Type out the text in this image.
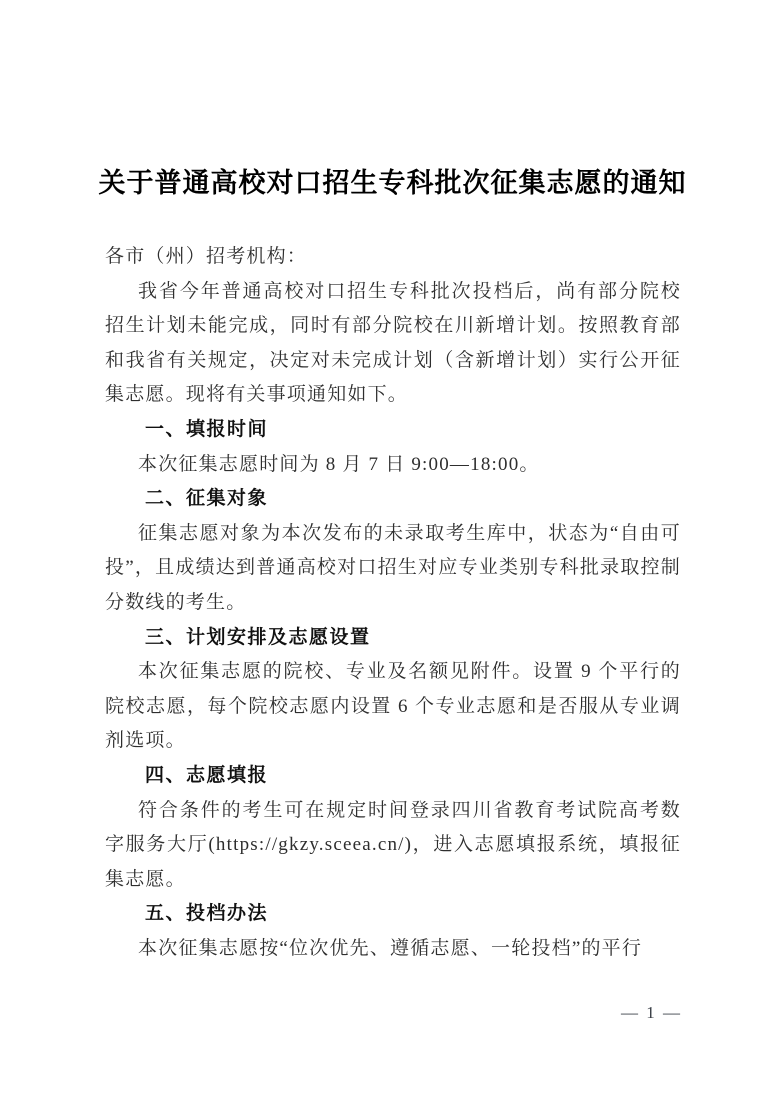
关于普通高校对口招生专科批次征集志愿的通知

各市（州）招考机构：

我省今年普通高校对口招生专科批次投档后，尚有部分院校招生计划未能完成，同时有部分院校在川新增计划。按照教育部和我省有关规定，决定对未完成计划（含新增计划）实行公开征集志愿。现将有关事项通知如下。

一、填报时间

本次征集志愿时间为 8 月 7 日 9:00—18:00。

二、征集对象

征集志愿对象为本次发布的未录取考生库中，状态为“自由可投”，且成绩达到普通高校对口招生对应专业类别专科批录取控制分数线的考生。

三、计划安排及志愿设置

本次征集志愿的院校、专业及名额见附件。设置 9 个平行的院校志愿，每个院校志愿内设置 6 个专业志愿和是否服从专业调剂选项。

四、志愿填报

符合条件的考生可在规定时间登录四川省教育考试院高考数字服务大厅(https://gkzy.sceea.cn/)，进入志愿填报系统，填报征集志愿。

五、投档办法

本次征集志愿按“位次优先、遵循志愿、一轮投档”的平行

— 1 —
